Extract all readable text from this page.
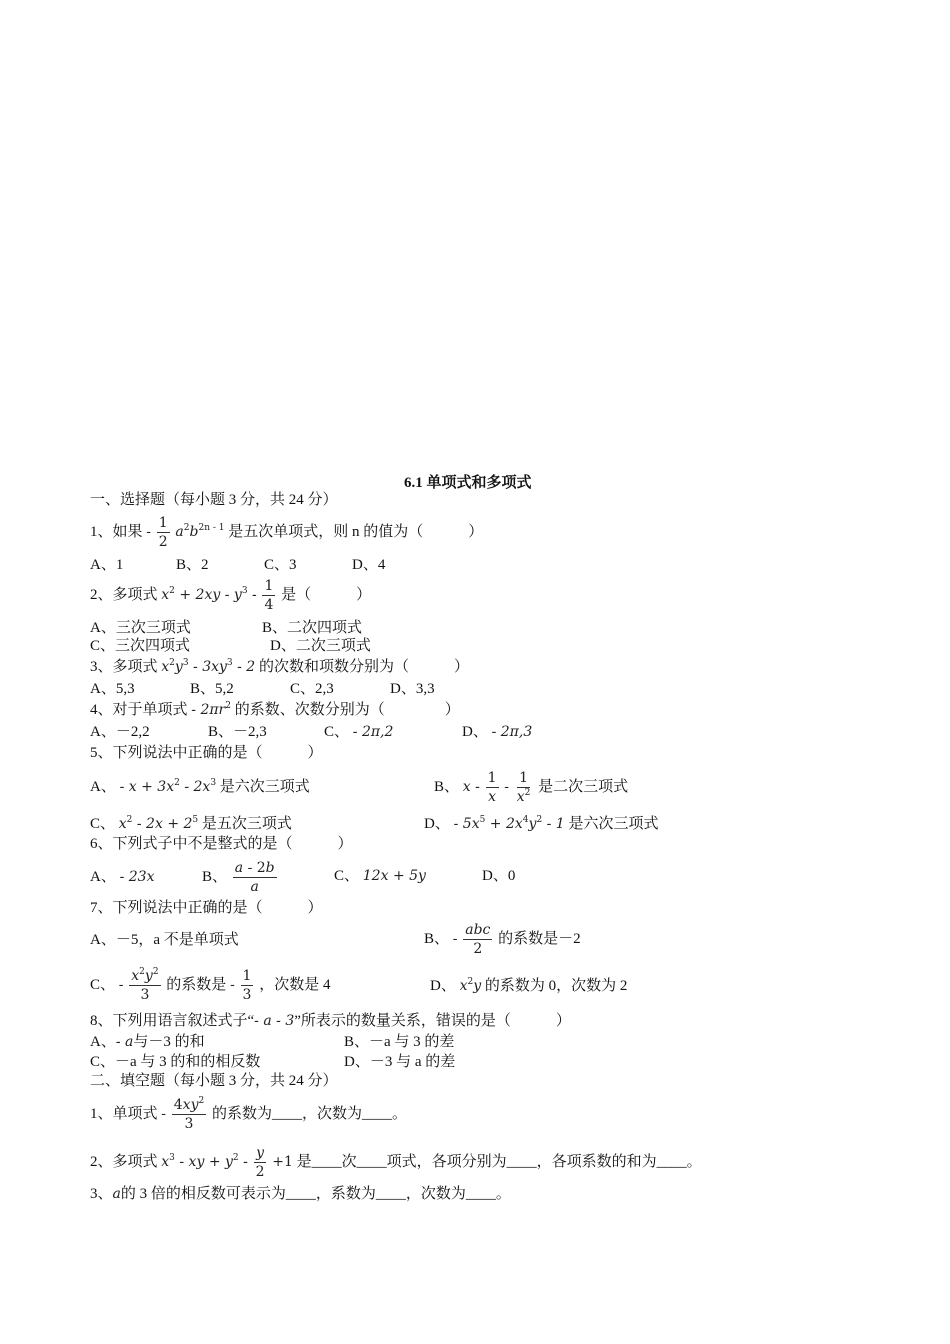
6.1 单项式和多项式
一、选择题（每小题 3 分，共 24 分）
1、如果 - $\frac{1}{2} a^2b^{2n - 1}$ 是五次单项式，则 n 的值为（　　　）
A、1	B、2	C、3	D、4
2、多项式 $x^2 + 2xy - y^3 - \frac{1}{4}$ 是（　　　）
A、三次三项式	B、二次四项式
C、三次四项式	D、二次三项式
3、多项式 $x^2y^3 - 3xy^3 - 2$ 的次数和项数分别为（　　　）
A、5,3	B、5,2	C、2,3	D、3,3
4、对于单项式 - $2\pi r^2$ 的系数、次数分别为（　　　　）
A、－2,2	B、－2,3	C、 - 2π,2	D、 - 2π,3
5、下列说法中正确的是（　　　）
A、 - $x + 3x^2 - 2x^3$ 是六次三项式	B、 x - $\frac{1}{x} - \frac{1}{x^2}$ 是二次三项式
C、 $x^2 - 2x + 2^5$ 是五次三项式	D、 - $5x^5 + 2x^4y^2 - 1$ 是六次三项式
6、下列式子中不是整式的是（　　　）
A、 - 23x	B、 $\frac{a - 2b}{a}$	C、 12x + 5y	D、0
7、下列说法中正确的是（　　　）
A、－5，a 不是单项式	B、 - $\frac{\text{abc}}{2}$ 的系数是－2
C、 - $\frac{x^2y^2}{3}$ 的系数是 - $\frac{1}{3}$ ，次数是 4	D、 $x^2y$ 的系数为 0，次数为 2
8、下列用语言叙述式子“- a - 3”所表示的数量关系，错误的是（　　　）
A、- a与－3 的和	B、－a 与 3 的差
C、－a 与 3 的和的相反数	D、－3 与 a 的差
二、填空题（每小题 3 分，共 24 分）
1、单项式 - $\frac{4xy^2}{3}$ 的系数为____，次数为____。
2、多项式 $x^3$ - xy + $y^2 - \frac{y}{2} +1$ 是____次____项式，各项分别为____，各项系数的和为____。
3、a的 3 倍的相反数可表示为____，系数为____，次数为____。
